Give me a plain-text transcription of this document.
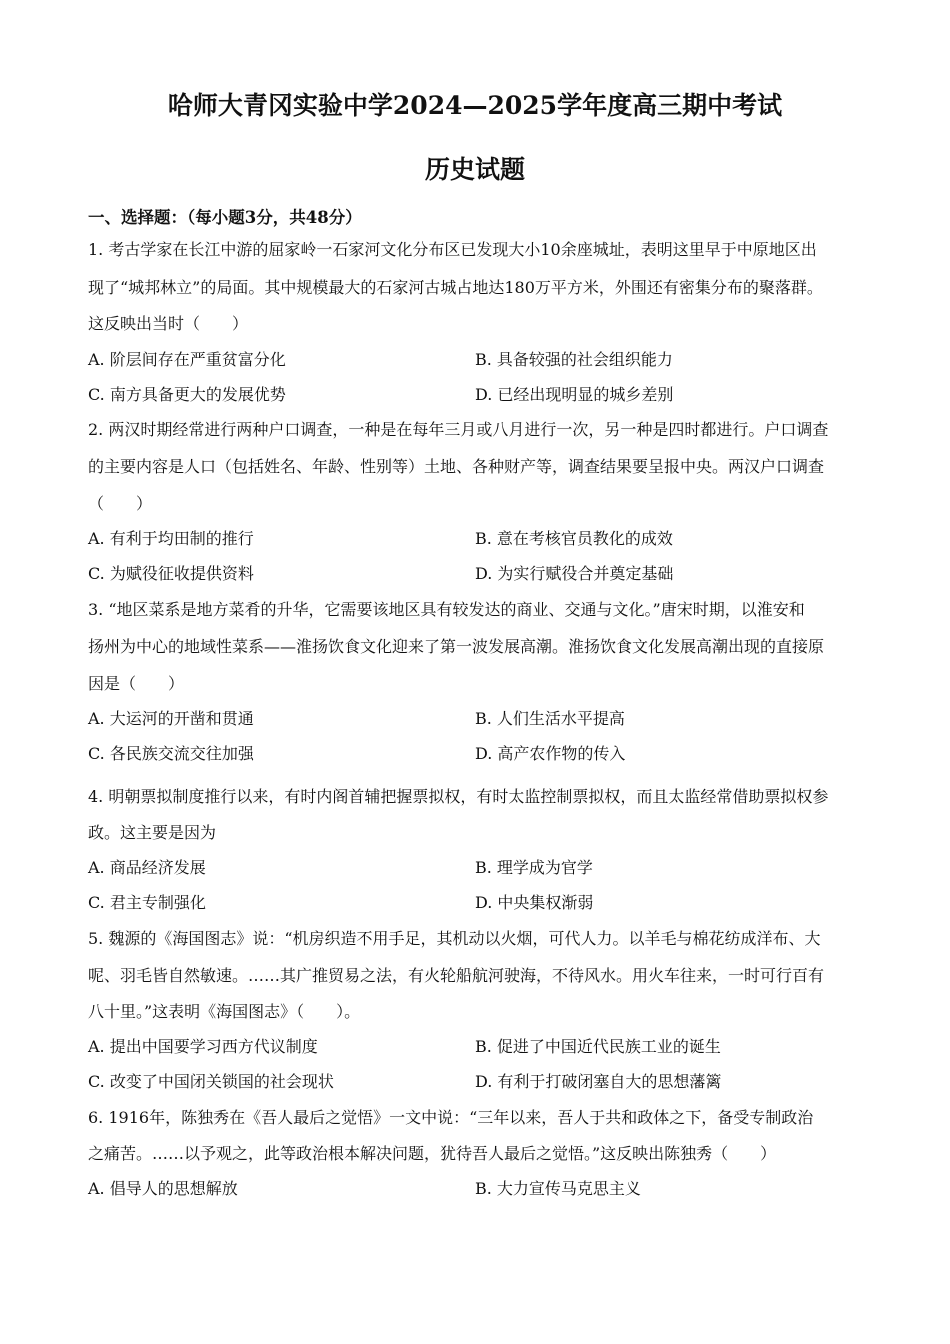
哈师大青冈实验中学2024—2025学年度高三期中考试
历史试题
一、选择题：（每小题3分，共48分）
1. 考古学家在长江中游的屈家岭一石家河文化分布区已发现大小10余座城址，表明这里早于中原地区出
现了“城邦林立”的局面。其中规模最大的石家河古城占地达180万平方米，外围还有密集分布的聚落群。
这反映出当时（　　）
A. 阶层间存在严重贫富分化	B. 具备较强的社会组织能力
C. 南方具备更大的发展优势	D. 已经出现明显的城乡差别
2. 两汉时期经常进行两种户口调查，一种是在每年三月或八月进行一次，另一种是四时都进行。户口调查
的主要内容是人口（包括姓名、年龄、性别等）土地、各种财产等，调查结果要呈报中央。两汉户口调查
（　　）
A. 有利于均田制的推行	B. 意在考核官员教化的成效
C. 为赋役征收提供资料	D. 为实行赋役合并奠定基础
3. “地区菜系是地方菜肴的升华，它需要该地区具有较发达的商业、交通与文化。”唐宋时期，以淮安和
扬州为中心的地域性菜系——淮扬饮食文化迎来了第一波发展高潮。淮扬饮食文化发展高潮出现的直接原
因是（　　）
A. 大运河的开凿和贯通	B. 人们生活水平提高
C. 各民族交流交往加强	D. 高产农作物的传入
4. 明朝票拟制度推行以来，有时内阁首辅把握票拟权，有时太监控制票拟权，而且太监经常借助票拟权参
政。这主要是因为
A. 商品经济发展	B. 理学成为官学
C. 君主专制强化	D. 中央集权渐弱
5. 魏源的《海国图志》说：“机房织造不用手足，其机动以火烟，可代人力。以羊毛与棉花纺成洋布、大
呢、羽毛皆自然敏速。……其广推贸易之法，有火轮船航河驶海，不待风水。用火车往来，一时可行百有
八十里。”这表明《海国图志》（　　）。
A. 提出中国要学习西方代议制度	B. 促进了中国近代民族工业的诞生
C. 改变了中国闭关锁国的社会现状	D. 有利于打破闭塞自大的思想藩篱
6. 1916年，陈独秀在《吾人最后之觉悟》一文中说：“三年以来，吾人于共和政体之下，备受专制政治
之痛苦。……以予观之，此等政治根本解决问题，犹待吾人最后之觉悟。”这反映出陈独秀（　　）
A. 倡导人的思想解放	B. 大力宣传马克思主义
